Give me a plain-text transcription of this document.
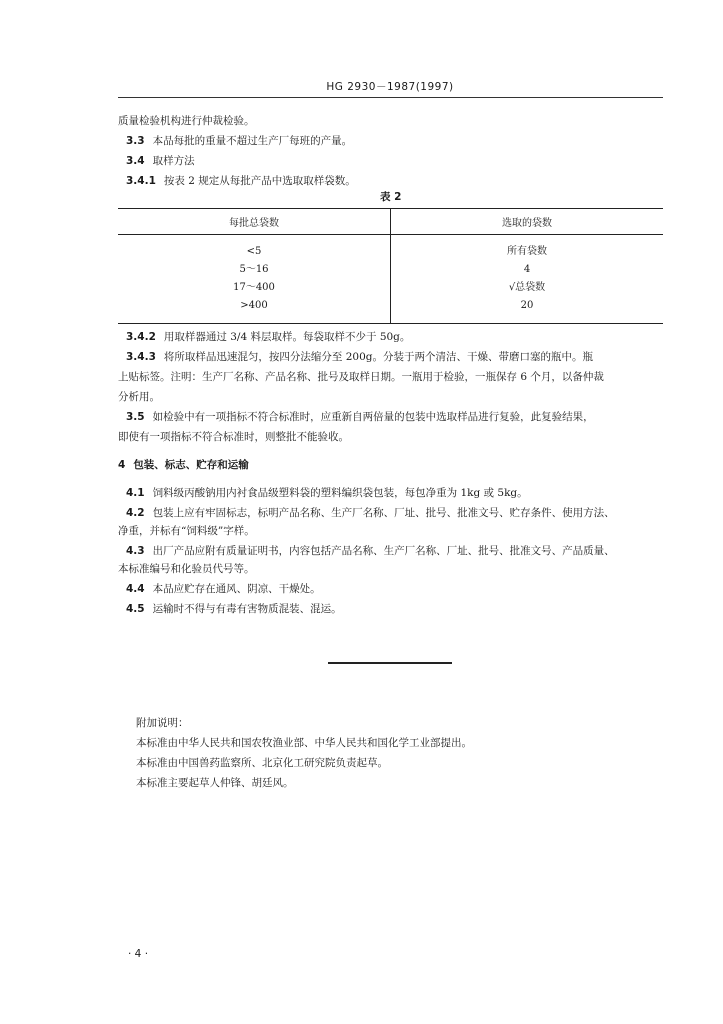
HG 2930－1987(1997)
质量检验机构进行仲裁检验。
3.3 本品每批的重量不超过生产厂每班的产量。
3.4 取样方法
3.4.1 按表 2 规定从每批产品中选取取样袋数。
表 2
每批总袋数	选取的袋数
<5	所有袋数
5～16	4
17～400	√总袋数
>400	20
3.4.2 用取样器通过 3/4 料层取样。每袋取样不少于 50g。
3.4.3 将所取样品迅速混匀，按四分法缩分至 200g。分装于两个清洁、干燥、带磨口塞的瓶中。瓶
上贴标签。注明：生产厂名称、产品名称、批号及取样日期。一瓶用于检验，一瓶保存 6 个月，以备仲裁
分析用。
3.5 如检验中有一项指标不符合标准时，应重新自两倍量的包装中选取样品进行复验，此复验结果，
即使有一项指标不符合标准时，则整批不能验收。
4 包装、标志、贮存和运输
4.1 饲料级丙酸钠用内衬食品级塑料袋的塑料编织袋包装，每包净重为 1kg 或 5kg。
4.2 包装上应有牢固标志，标明产品名称、生产厂名称、厂址、批号、批准文号、贮存条件、使用方法、
净重，并标有“饲料级”字样。
4.3 出厂产品应附有质量证明书，内容包括产品名称、生产厂名称、厂址、批号、批准文号、产品质量、
本标准编号和化验员代号等。
4.4 本品应贮存在通风、阴凉、干燥处。
4.5 运输时不得与有毒有害物质混装、混运。
附加说明：
本标准由中华人民共和国农牧渔业部、中华人民共和国化学工业部提出。
本标准由中国兽药监察所、北京化工研究院负责起草。
本标准主要起草人仲锋、胡廷风。
· 4 ·
